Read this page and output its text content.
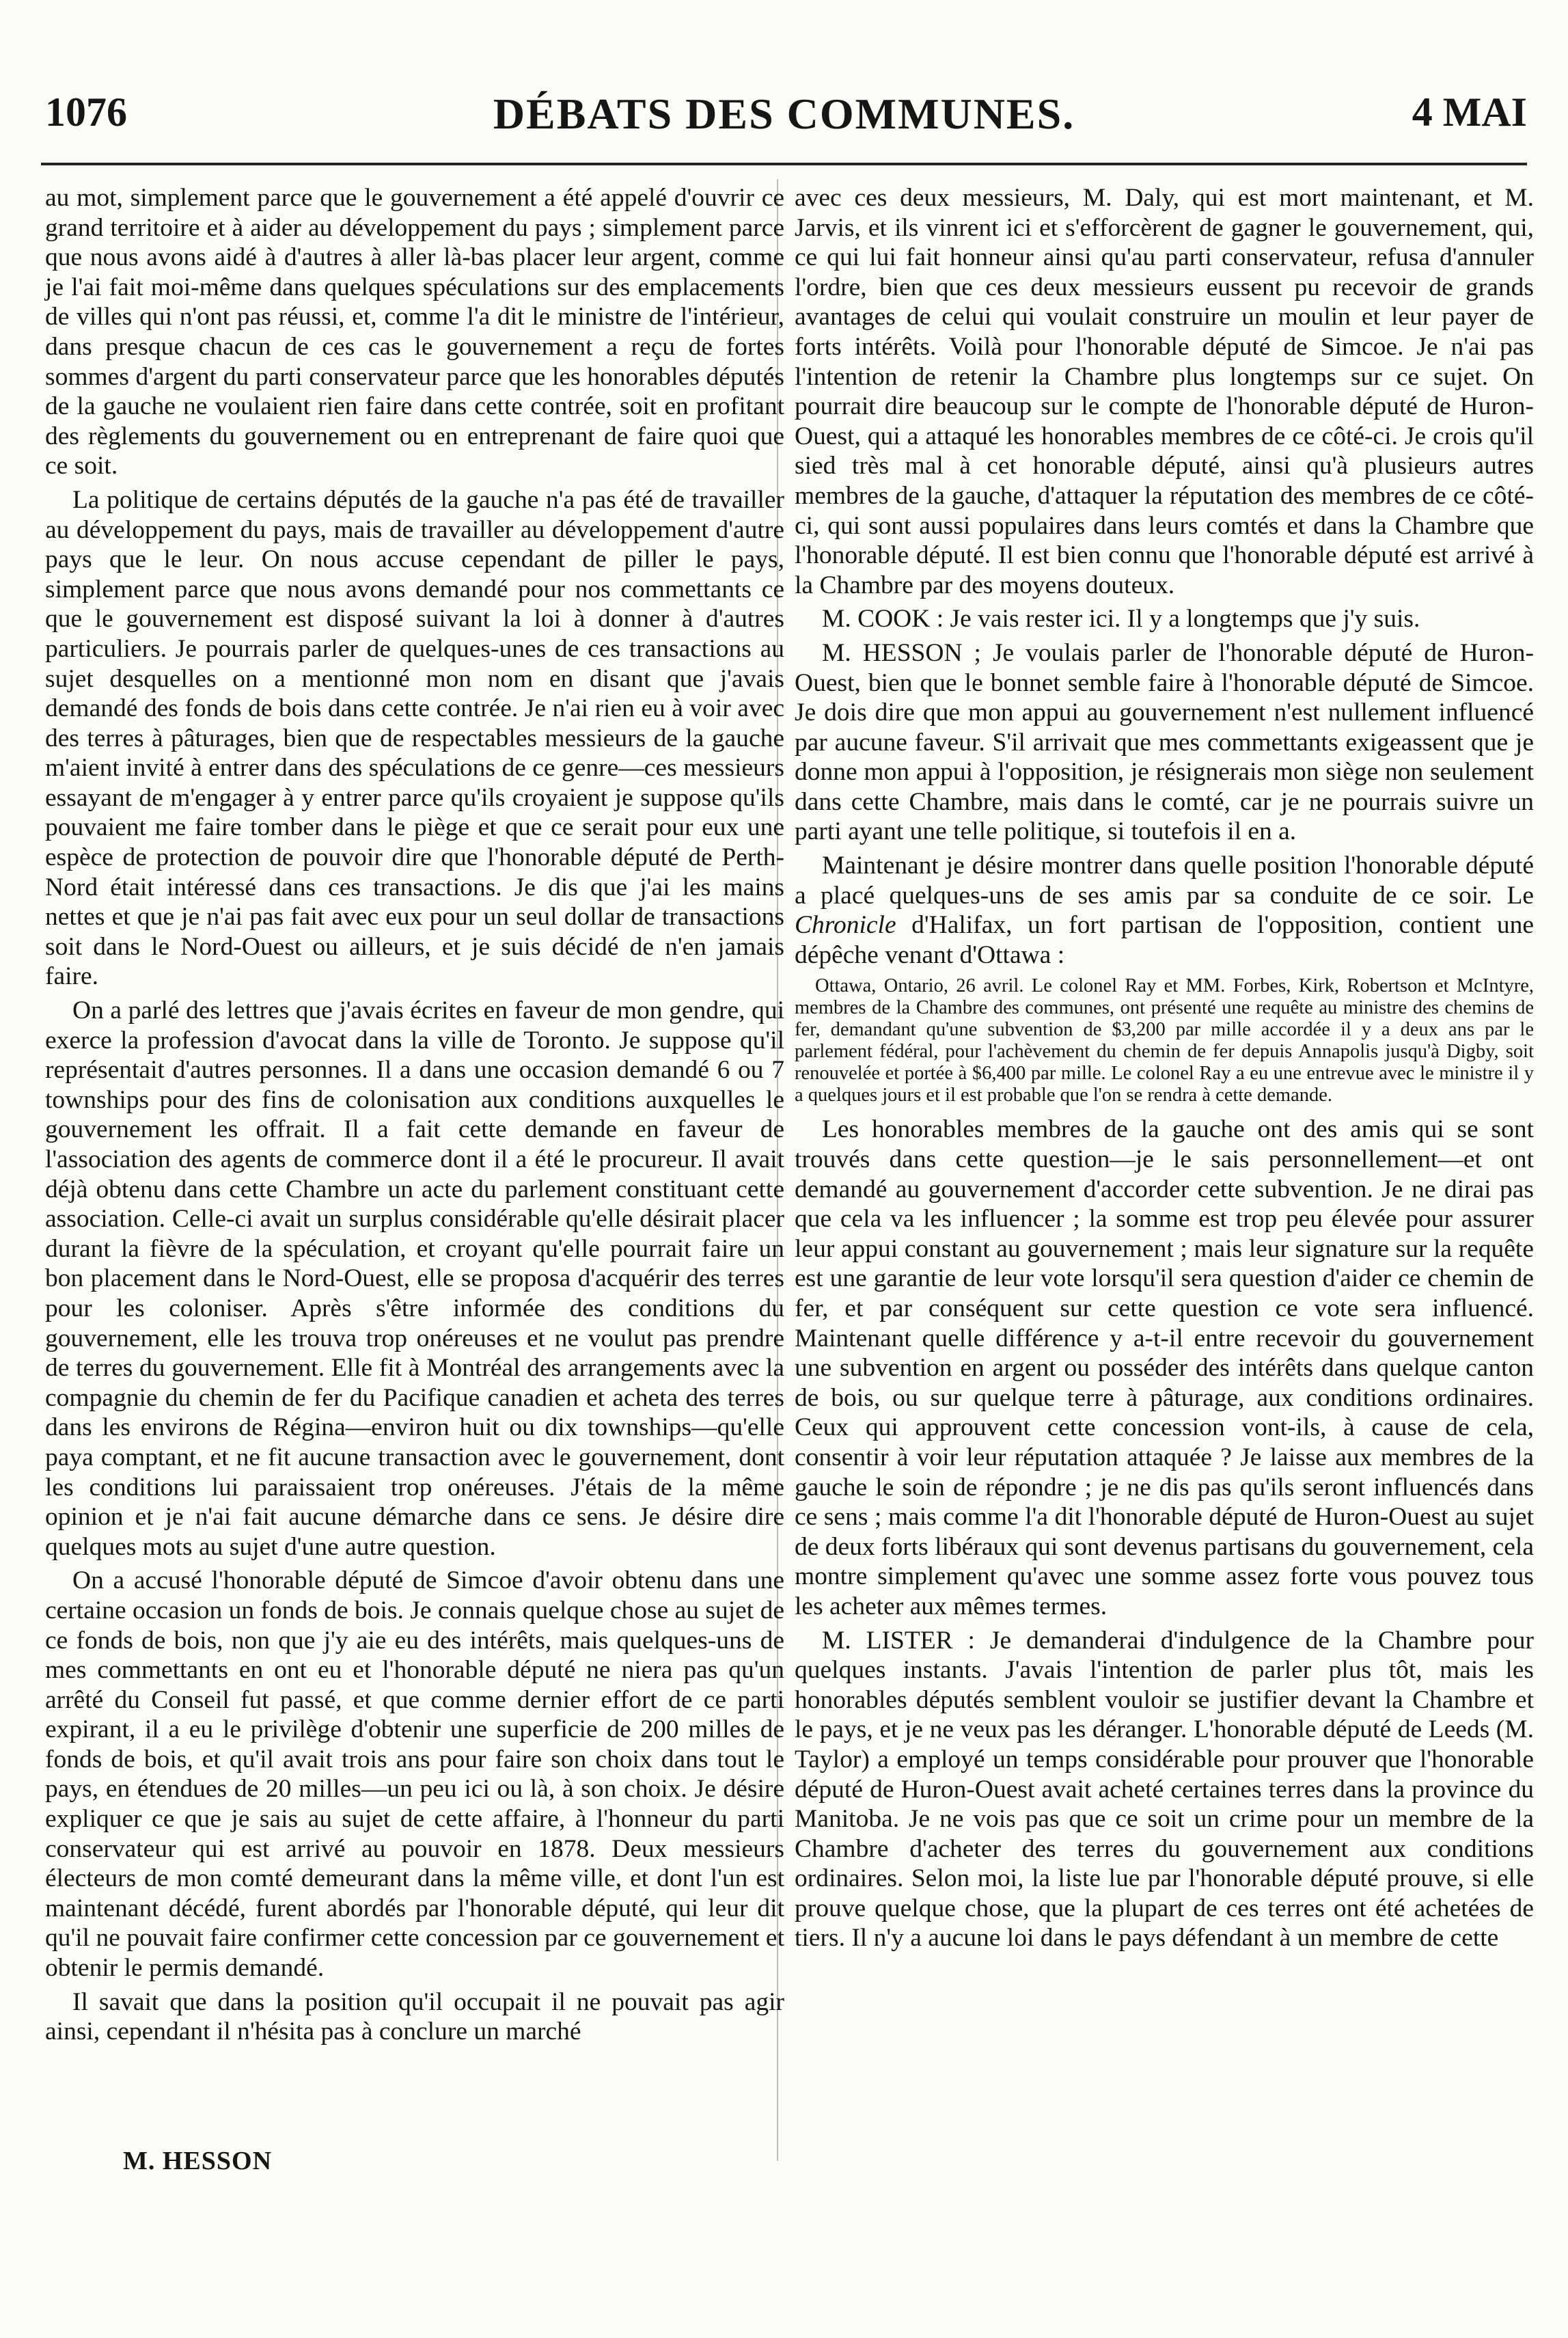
1076	DÉBATS DES COMMUNES.	4 MAI

au mot, simplement parce que le gouvernement a été appelé d'ouvrir ce grand territoire et à aider au développement du pays ; simplement parce que nous avons aidé à d'autres à aller là-bas placer leur argent, comme je l'ai fait moi-même dans quelques spéculations sur des emplacements de villes qui n'ont pas réussi, et, comme l'a dit le ministre de l'intérieur, dans presque chacun de ces cas le gouvernement a reçu de fortes sommes d'argent du parti conservateur parce que les honorables députés de la gauche ne voulaient rien faire dans cette contrée, soit en profitant des règlements du gouvernement ou en entreprenant de faire quoi que ce soit.

La politique de certains députés de la gauche n'a pas été de travailler au développement du pays, mais de travailler au développement d'autre pays que le leur. On nous accuse cependant de piller le pays, simplement parce que nous avons demandé pour nos commettants ce que le gouvernement est disposé suivant la loi à donner à d'autres particuliers. Je pourrais parler de quelques-unes de ces transactions au sujet desquelles on a mentionné mon nom en disant que j'avais demandé des fonds de bois dans cette contrée. Je n'ai rien eu à voir avec des terres à pâturages, bien que de respectables messieurs de la gauche m'aient invité à entrer dans des spéculations de ce genre—ces messieurs essayant de m'engager à y entrer parce qu'ils croyaient je suppose qu'ils pouvaient me faire tomber dans le piège et que ce serait pour eux une espèce de protection de pouvoir dire que l'honorable député de Perth-Nord était intéressé dans ces transactions. Je dis que j'ai les mains nettes et que je n'ai pas fait avec eux pour un seul dollar de transactions soit dans le Nord-Ouest ou ailleurs, et je suis décidé de n'en jamais faire.

On a parlé des lettres que j'avais écrites en faveur de mon gendre, qui exerce la profession d'avocat dans la ville de Toronto. Je suppose qu'il représentait d'autres personnes. Il a dans une occasion demandé 6 ou 7 townships pour des fins de colonisation aux conditions auxquelles le gouvernement les offrait. Il a fait cette demande en faveur de l'association des agents de commerce dont il a été le procureur. Il avait déjà obtenu dans cette Chambre un acte du parlement constituant cette association. Celle-ci avait un surplus considérable qu'elle désirait placer durant la fièvre de la spéculation, et croyant qu'elle pourrait faire un bon placement dans le Nord-Ouest, elle se proposa d'acquérir des terres pour les coloniser. Après s'être informée des conditions du gouvernement, elle les trouva trop onéreuses et ne voulut pas prendre de terres du gouvernement. Elle fit à Montréal des arrangements avec la compagnie du chemin de fer du Pacifique canadien et acheta des terres dans les environs de Régina—environ huit ou dix townships—qu'elle paya comptant, et ne fit aucune transaction avec le gouvernement, dont les conditions lui paraissaient trop onéreuses. J'étais de la même opinion et je n'ai fait aucune démarche dans ce sens. Je désire dire quelques mots au sujet d'une autre question.

On a accusé l'honorable député de Simcoe d'avoir obtenu dans une certaine occasion un fonds de bois. Je connais quelque chose au sujet de ce fonds de bois, non que j'y aie eu des intérêts, mais quelques-uns de mes commettants en ont eu et l'honorable député ne niera pas qu'un arrêté du Conseil fut passé, et que comme dernier effort de ce parti expirant, il a eu le privilège d'obtenir une superficie de 200 milles de fonds de bois, et qu'il avait trois ans pour faire son choix dans tout le pays, en étendues de 20 milles—un peu ici ou là, à son choix. Je désire expliquer ce que je sais au sujet de cette affaire, à l'honneur du parti conservateur qui est arrivé au pouvoir en 1878. Deux messieurs électeurs de mon comté demeurant dans la même ville, et dont l'un est maintenant décédé, furent abordés par l'honorable député, qui leur dit qu'il ne pouvait faire confirmer cette concession par ce gouvernement et obtenir le permis demandé.

Il savait que dans la position qu'il occupait il ne pouvait pas agir ainsi, cependant il n'hésita pas à conclure un marché

avec ces deux messieurs, M. Daly, qui est mort maintenant, et M. Jarvis, et ils vinrent ici et s'efforcèrent de gagner le gouvernement, qui, ce qui lui fait honneur ainsi qu'au parti conservateur, refusa d'annuler l'ordre, bien que ces deux messieurs eussent pu recevoir de grands avantages de celui qui voulait construire un moulin et leur payer de forts intérêts. Voilà pour l'honorable député de Simcoe. Je n'ai pas l'intention de retenir la Chambre plus longtemps sur ce sujet. On pourrait dire beaucoup sur le compte de l'honorable député de Huron-Ouest, qui a attaqué les honorables membres de ce côté-ci. Je crois qu'il sied très mal à cet honorable député, ainsi qu'à plusieurs autres membres de la gauche, d'attaquer la réputation des membres de ce côté-ci, qui sont aussi populaires dans leurs comtés et dans la Chambre que l'honorable député. Il est bien connu que l'honorable député est arrivé à la Chambre par des moyens douteux.

M. COOK : Je vais rester ici. Il y a longtemps que j'y suis.

M. HESSON ; Je voulais parler de l'honorable député de Huron-Ouest, bien que le bonnet semble faire à l'honorable député de Simcoe. Je dois dire que mon appui au gouvernement n'est nullement influencé par aucune faveur. S'il arrivait que mes commettants exigeassent que je donne mon appui à l'opposition, je résignerais mon siège non seulement dans cette Chambre, mais dans le comté, car je ne pourrais suivre un parti ayant une telle politique, si toutefois il en a.

Maintenant je désire montrer dans quelle position l'honorable député a placé quelques-uns de ses amis par sa conduite de ce soir. Le Chronicle d'Halifax, un fort partisan de l'opposition, contient une dépêche venant d'Ottawa :

Ottawa, Ontario, 26 avril. Le colonel Ray et MM. Forbes, Kirk, Robertson et McIntyre, membres de la Chambre des communes, ont présenté une requête au ministre des chemins de fer, demandant qu'une subvention de $3,200 par mille accordée il y a deux ans par le parlement fédéral, pour l'achèvement du chemin de fer depuis Annapolis jusqu'à Digby, soit renouvelée et portée à $6,400 par mille. Le colonel Ray a eu une entrevue avec le ministre il y a quelques jours et il est probable que l'on se rendra à cette demande.

Les honorables membres de la gauche ont des amis qui se sont trouvés dans cette question—je le sais personnellement—et ont demandé au gouvernement d'accorder cette subvention. Je ne dirai pas que cela va les influencer ; la somme est trop peu élevée pour assurer leur appui constant au gouvernement ; mais leur signature sur la requête est une garantie de leur vote lorsqu'il sera question d'aider ce chemin de fer, et par conséquent sur cette question ce vote sera influencé. Maintenant quelle différence y a-t-il entre recevoir du gouvernement une subvention en argent ou posséder des intérêts dans quelque canton de bois, ou sur quelque terre à pâturage, aux conditions ordinaires. Ceux qui approuvent cette concession vont-ils, à cause de cela, consentir à voir leur réputation attaquée ? Je laisse aux membres de la gauche le soin de répondre ; je ne dis pas qu'ils seront influencés dans ce sens ; mais comme l'a dit l'honorable député de Huron-Ouest au sujet de deux forts libéraux qui sont devenus partisans du gouvernement, cela montre simplement qu'avec une somme assez forte vous pouvez tous les acheter aux mêmes termes.

M. LISTER : Je demanderai d'indulgence de la Chambre pour quelques instants. J'avais l'intention de parler plus tôt, mais les honorables députés semblent vouloir se justifier devant la Chambre et le pays, et je ne veux pas les déranger. L'honorable député de Leeds (M. Taylor) a employé un temps considérable pour prouver que l'honorable député de Huron-Ouest avait acheté certaines terres dans la province du Manitoba. Je ne vois pas que ce soit un crime pour un membre de la Chambre d'acheter des terres du gouvernement aux conditions ordinaires. Selon moi, la liste lue par l'honorable député prouve, si elle prouve quelque chose, que la plupart de ces terres ont été achetées de tiers. Il n'y a aucune loi dans le pays défendant à un membre de cette

M. HESSON
